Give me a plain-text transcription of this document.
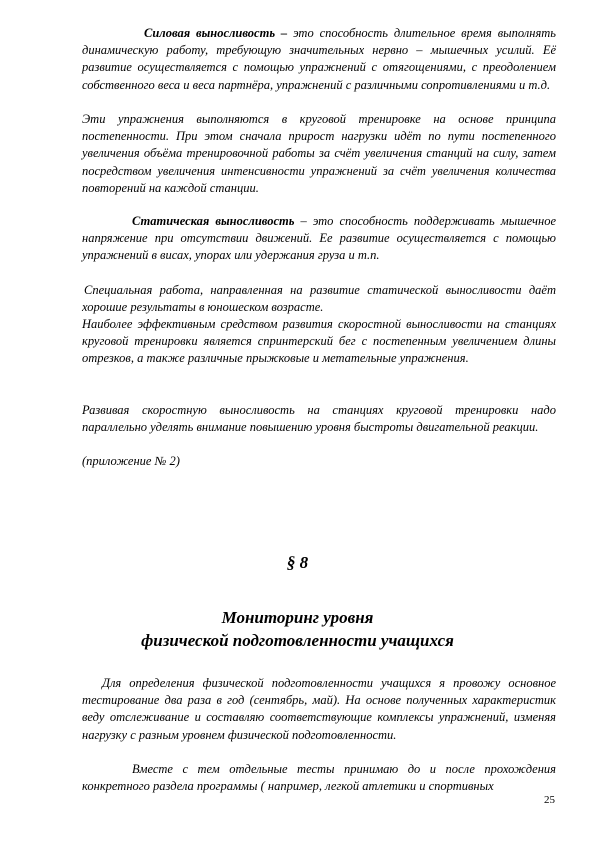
Силовая выносливость – это способность длительное время выполнять динамическую работу, требующую значительных нервно – мышечных усилий. Её развитие осуществляется с помощью упражнений с отягощениями, с преодолением собственного веса и веса партнёра, упражнений с различными сопротивлениями и т.д.

Эти упражнения выполняются в круговой тренировке на основе принципа постепенности. При этом сначала прирост нагрузки идёт по пути постепенного увеличения объёма тренировочной работы за счёт увеличения станций на силу, затем посредством увеличения интенсивности упражнений за счёт увеличения количества повторений на каждой станции.

Статическая выносливость – это способность поддерживать мышечное напряжение при отсутствии движений. Ее развитие осуществляется с помощью упражнений в висах, упорах или удержания груза и т.п.

Специальная работа, направленная на развитие статической выносливости даёт хорошие результаты в юношеском возрасте.

Наиболее эффективным средством развития скоростной выносливости на станциях круговой тренировки является спринтерский бег с постепенным увеличением длины отрезков, а также различные прыжковые и метательные упражнения.

Развивая скоростную выносливость на станциях круговой тренировки надо параллельно уделять внимание повышению уровня быстроты двигательной реакции.

(приложение № 2)

§ 8
Мониторинг уровня
физической подготовленности учащихся

Для определения физической подготовленности учащихся я провожу основное тестирование два раза в год (сентябрь, май). На основе полученных характеристик веду отслеживание и составляю соответствующие комплексы упражнений, изменяя нагрузку с разным уровнем физической подготовленности.

Вместе с тем отдельные тесты принимаю до и после прохождения конкретного раздела программы ( например, легкой атлетики и спортивных

25
